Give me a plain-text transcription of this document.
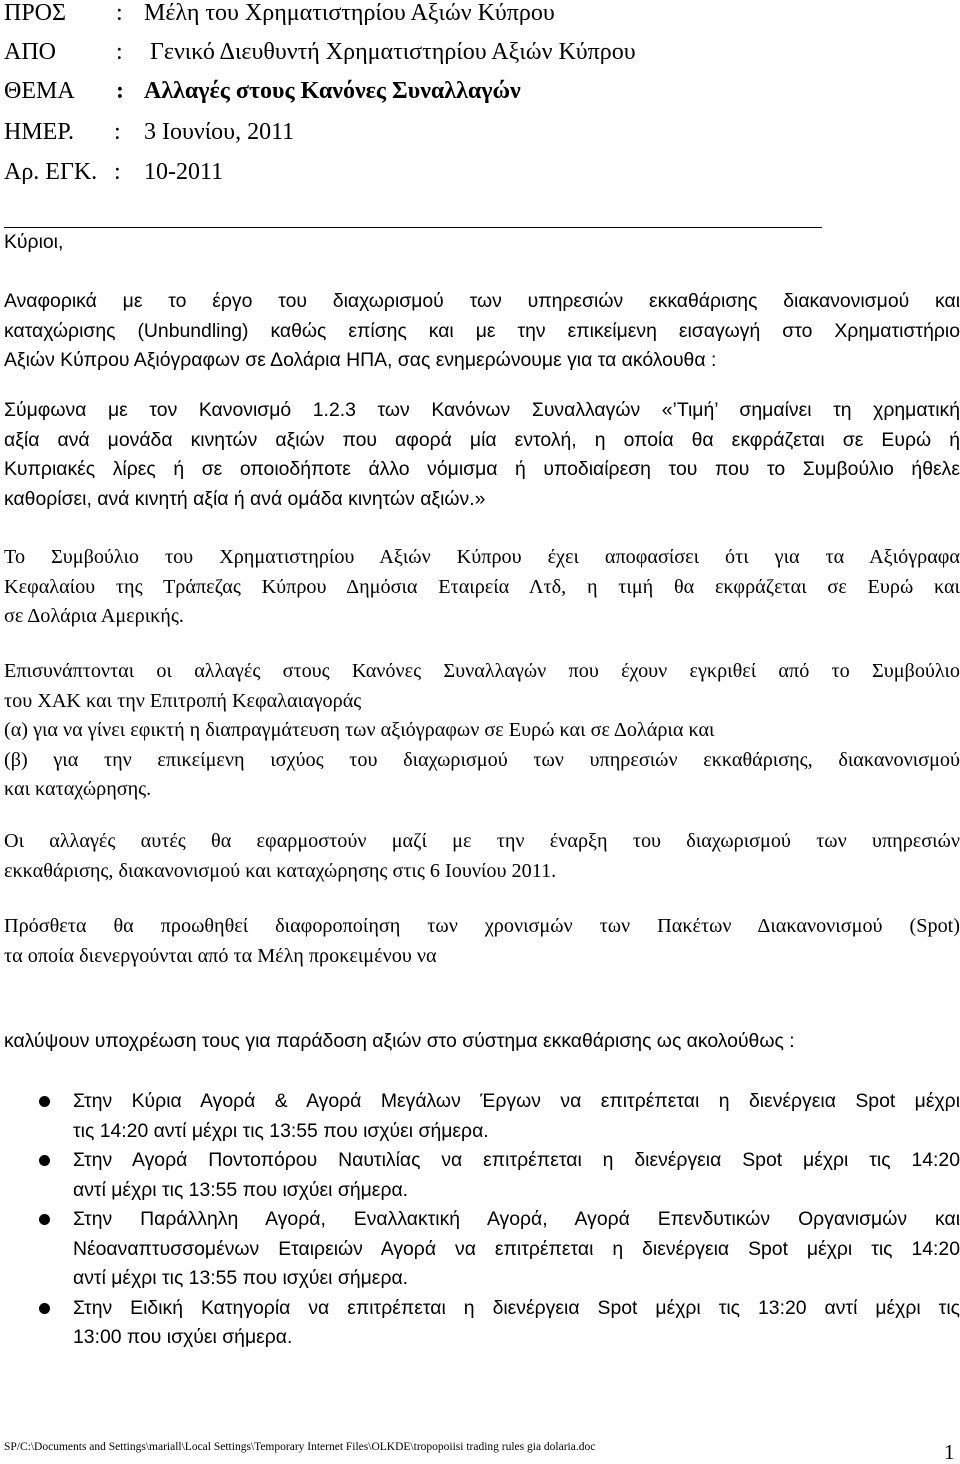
ΠΡΟΣ : Μέλη του Χρηματιστηρίου Αξιών Κύπρου
ΑΠΟ	: Γενικό Διευθυντή Χρηματιστηρίου Αξιών Κύπρου
ΘΕΜΑ : Αλλαγές στους Κανόνες Συναλλαγών
ΗΜΕΡ. : 3 Ιουνίου, 2011
Αρ. ΕΓΚ. : 10-2011

Κύριοι,

Αναφορικά με το έργο του διαχωρισμού των υπηρεσιών εκκαθάρισης διακανονισμού και
καταχώρισης (Unbundling) καθώς επίσης και με την επικείμενη εισαγωγή στο Χρηματιστήριο
Αξιών Κύπρου Αξιόγραφων σε Δολάρια ΗΠΑ, σας ενημερώνουμε για τα ακόλουθα :

Σύμφωνα με τον Κανονισμό 1.2.3 των Κανόνων Συναλλαγών «’Τιμή’ σημαίνει τη χρηματική
αξία ανά μονάδα κινητών αξιών που αφορά μία εντολή, η οποία θα εκφράζεται σε Ευρώ ή
Κυπριακές λίρες ή σε οποιοδήποτε άλλο νόμισμα ή υποδιαίρεση του που το Συμβούλιο ήθελε
καθορίσει, ανά κινητή αξία ή ανά ομάδα κινητών αξιών.»

Το Συμβούλιο του Χρηματιστηρίου Αξιών Κύπρου έχει αποφασίσει ότι για τα Αξιόγραφα
Κεφαλαίου της Τράπεζας Κύπρου Δημόσια Εταιρεία Λτδ, η τιμή θα εκφράζεται σε Ευρώ και
σε Δολάρια Αμερικής.

Επισυνάπτονται οι αλλαγές στους Κανόνες Συναλλαγών που έχουν εγκριθεί από το Συμβούλιο
του ΧΑΚ και την Επιτροπή Κεφαλαιαγοράς
(α) για να γίνει εφικτή η διαπραγμάτευση των αξιόγραφων σε Ευρώ και σε Δολάρια και
(β) για την επικείμενη ισχύος του διαχωρισμού των υπηρεσιών εκκαθάρισης, διακανονισμού
και καταχώρησης.

Οι αλλαγές αυτές θα εφαρμοστούν μαζί με την έναρξη του διαχωρισμού των υπηρεσιών
εκκαθάρισης, διακανονισμού και καταχώρησης στις 6 Ιουνίου 2011.

Πρόσθετα θα προωθηθεί διαφοροποίηση των χρονισμών των Πακέτων Διακανονισμού (Spot)
τα οποία διενεργούνται από τα Μέλη προκειμένου να

καλύψουν υποχρέωση τους για παράδοση αξιών στο σύστημα εκκαθάρισης ως ακολούθως :

Στην Κύρια Αγορά & Αγορά Μεγάλων Έργων να επιτρέπεται η διενέργεια Spot μέχρι
τις 14:20 αντί μέχρι τις 13:55 που ισχύει σήμερα.
Στην Αγορά Ποντοπόρου Ναυτιλίας να επιτρέπεται η διενέργεια Spot μέχρι τις 14:20
αντί μέχρι τις 13:55 που ισχύει σήμερα.
Στην Παράλληλη Αγορά, Εναλλακτική Αγορά, Αγορά Επενδυτικών Οργανισμών και
Νέοαναπτυσσομένων Εταιρειών Αγορά να επιτρέπεται η διενέργεια Spot μέχρι τις 14:20
αντί μέχρι τις 13:55 που ισχύει σήμερα.
Στην Ειδική Κατηγορία να επιτρέπεται η διενέργεια Spot μέχρι τις 13:20 αντί μέχρι τις
13:00 που ισχύει σήμερα.
SP/C:\Documents and Settings\mariall\Local Settings\Temporary Internet Files\OLKDE\tropopoiisi trading rules gia dolaria.doc	1
